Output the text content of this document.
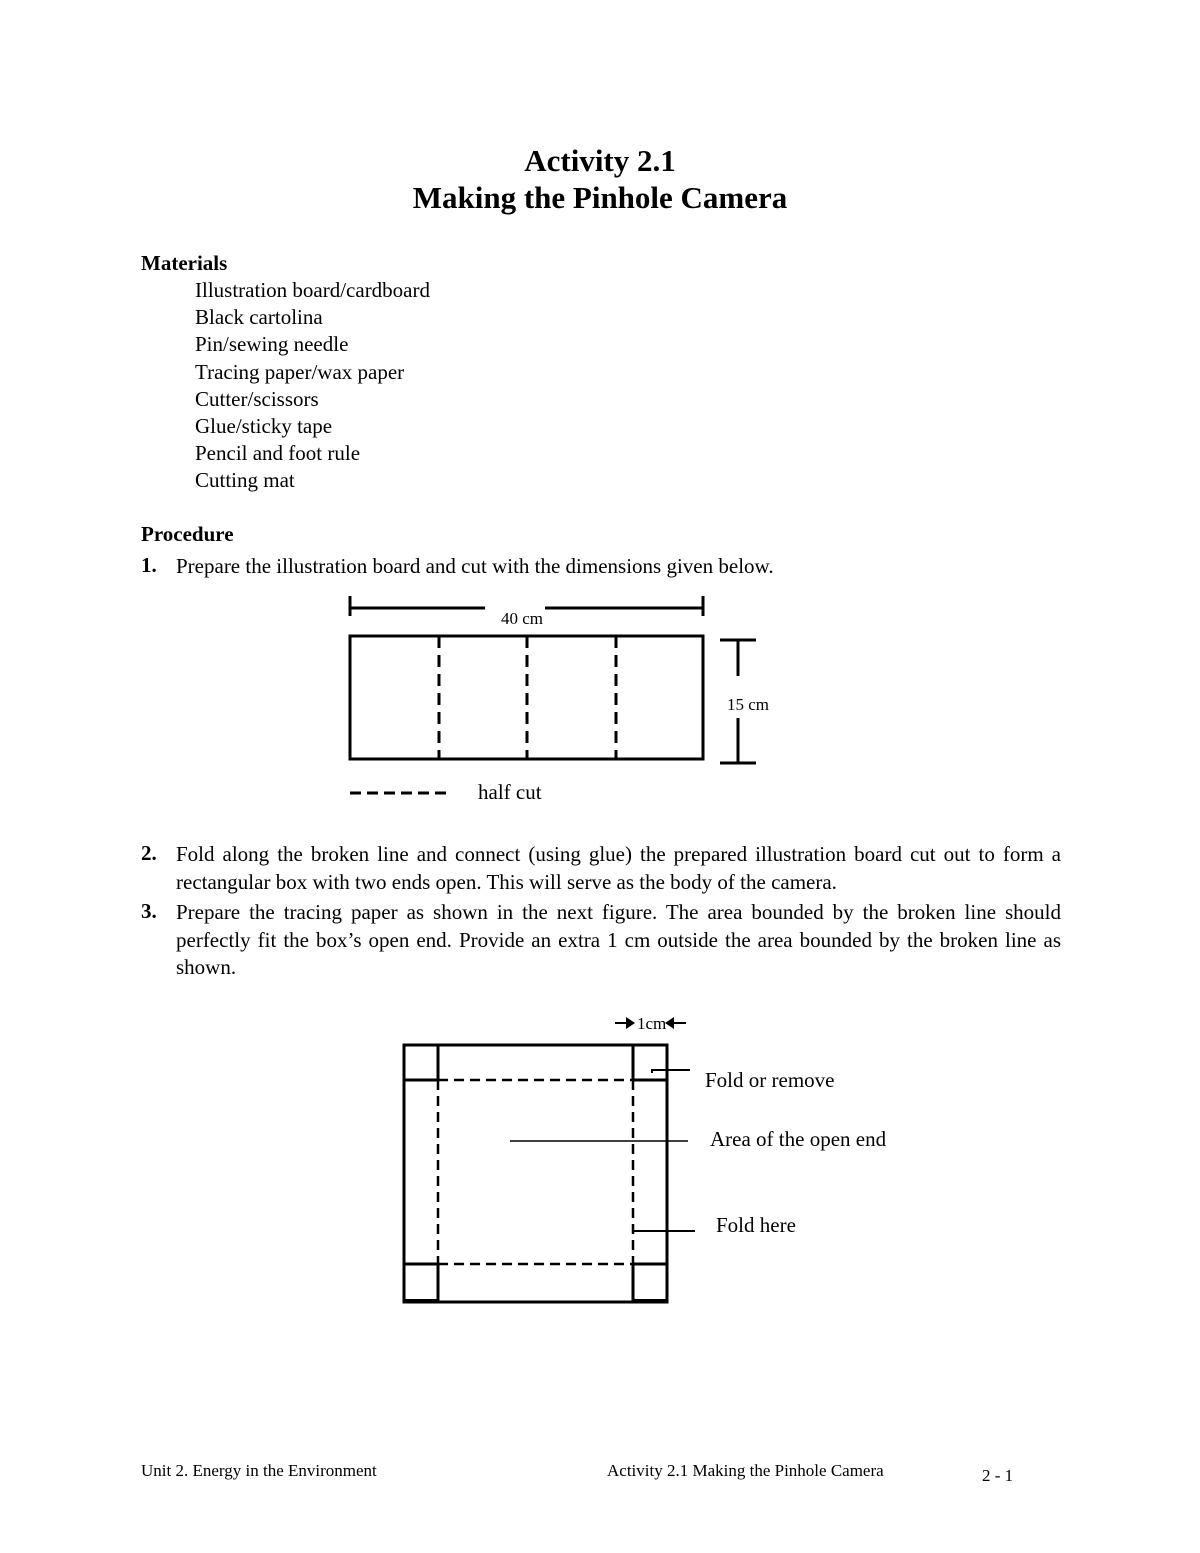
Activity 2.1
Making the Pinhole Camera
Materials
Illustration board/cardboard
Black cartolina
Pin/sewing needle
Tracing paper/wax paper
Cutter/scissors
Glue/sticky tape
Pencil and foot rule
Cutting mat
Procedure
1. Prepare the illustration board and cut with the dimensions given below.
40 cm
15 cm
half cut
2. Fold along the broken line and connect (using glue) the prepared illustration board cut out to form a rectangular box with two ends open. This will serve as the body of the camera.
3. Prepare the tracing paper as shown in the next figure. The area bounded by the broken line should perfectly fit the box’s open end. Provide an extra 1 cm outside the area bounded by the broken line as shown.
1cm
Fold or remove
Area of the open end
Fold here
Unit 2. Energy in the Environment	Activity 2.1 Making the Pinhole Camera	2 - 1
